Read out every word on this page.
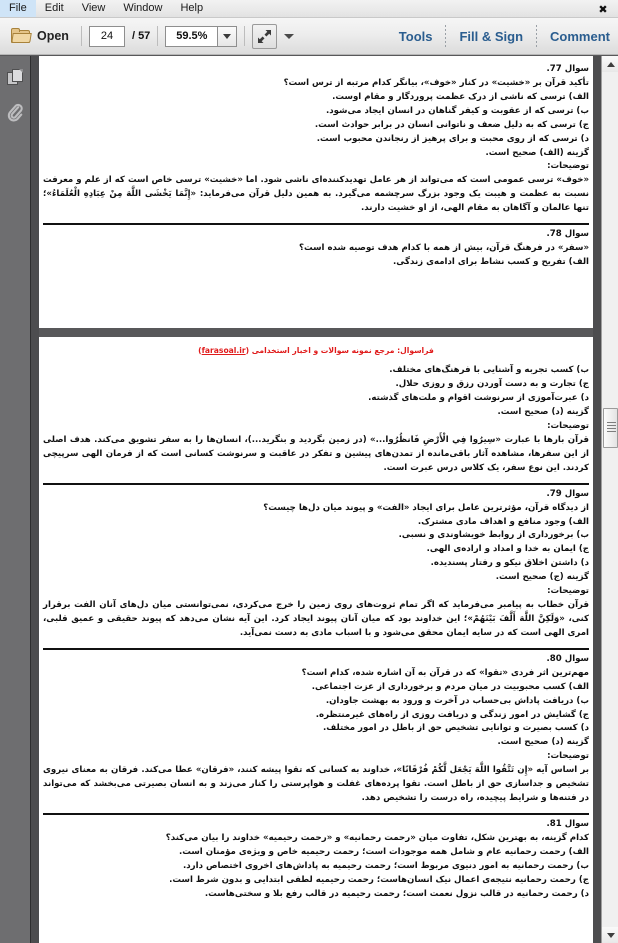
File	Edit	View	Window	Help	✖
Open	24	/ 57	59.5%	Tools	Fill & Sign	Comment
سوال 77.
تأکید قرآن بر «خشیت» در کنار «خوف»، بیانگر کدام مرتبه از ترس است؟
الف) ترسی که ناشی از درک عظمت پروردگار و مقام اوست.
ب) ترسی که از عقوبت و کیفر گناهان در انسان ایجاد می‌شود.
ج) ترسی که به دلیل ضعف و ناتوانی انسان در برابر حوادث است.
د) ترسی که از روی محبت و برای پرهیز از رنجاندن محبوب است.
گزینه (الف) صحیح است.
توضیحات:
«خوف» ترسی عمومی است که می‌تواند از هر عامل تهدیدکننده‌ای ناشی شود. اما «خشیت» ترسی خاص است که از علم و معرفت نسبت به عظمت و هیبت یک وجود بزرگ سرچشمه می‌گیرد. به همین دلیل قرآن می‌فرماید: «إِنَّمَا یَخْشَی اللَّهَ مِنْ عِبَادِهِ الْعُلَمَاءُ»؛ تنها عالمان و آگاهان به مقام الهی، از او خشیت دارند.
سوال 78.
«سفر» در فرهنگ قرآن، بیش از همه با کدام هدف توصیه شده است؟
الف) تفریح و کسب نشاط برای ادامه‌ی زندگی.
فراسوال: مرجع نمونه سوالات و اخبار استخدامی (farasoal.ir)
ب) کسب تجربه و آشنایی با فرهنگ‌های مختلف.
ج) تجارت و به دست آوردن رزق و روزی حلال.
د) عبرت‌آموزی از سرنوشت اقوام و ملت‌های گذشته.
گزینه (د) صحیح است.
توضیحات:
قرآن بارها با عبارت «سِیرُوا فِي الْأَرْضِ فَانظُرُوا...» (در زمین بگردید و بنگرید...)، انسان‌ها را به سفر تشویق می‌کند. هدف اصلی از این سفرها، مشاهده آثار باقی‌مانده از تمدن‌های پیشین و تفکر در عاقبت و سرنوشت کسانی است که از فرمان الهی سرپیچی کردند. این نوع سفر، یک کلاس درس عبرت است.
سوال 79.
از دیدگاه قرآن، مؤثرترین عامل برای ایجاد «الفت» و پیوند میان دل‌ها چیست؟
الف) وجود منافع و اهداف مادی مشترک.
ب) برخورداری از روابط خویشاوندی و نسبی.
ج) ایمان به خدا و امداد و اراده‌ی الهی.
د) داشتن اخلاق نیکو و رفتار پسندیده.
گزینه (ج) صحیح است.
توضیحات:
قرآن خطاب به پیامبر می‌فرماید که اگر تمام ثروت‌های روی زمین را خرج می‌کردی، نمی‌توانستی میان دل‌های آنان الفت برقرار کنی، «وَلَکِنَّ اللَّهَ أَلَّفَ بَیْنَهُمْ»؛ این خداوند بود که میان آنان پیوند ایجاد کرد. این آیه نشان می‌دهد که پیوند حقیقی و عمیق قلبی، امری الهی است که در سایه ایمان محقق می‌شود و با اسباب مادی به دست نمی‌آید.
سوال 80.
مهم‌ترین اثر فردی «تقوا» که در قرآن به آن اشاره شده، کدام است؟
الف) کسب محبوبیت در میان مردم و برخورداری از عزت اجتماعی.
ب) دریافت پاداش بی‌حساب در آخرت و ورود به بهشت جاودان.
ج) گشایش در امور زندگی و دریافت روزی از راه‌های غیرمنتظره.
د) کسب بصیرت و توانایی تشخیص حق از باطل در امور مختلف.
گزینه (د) صحیح است.
توضیحات:
بر اساس آیه «إِن تَتَّقُوا اللَّهَ یَجْعَل لَّکُمْ فُرْقَانًا»، خداوند به کسانی که تقوا پیشه کنند، «فرقان» عطا می‌کند. فرقان به معنای نیروی تشخیص و جداسازی حق از باطل است. تقوا پرده‌های غفلت و هواپرستی را کنار می‌زند و به انسان بصیرتی می‌بخشد که می‌تواند در فتنه‌ها و شرایط پیچیده، راه درست را تشخیص دهد.
سوال 81.
کدام گزینه، به بهترین شکل، تفاوت میان «رحمت رحمانیه» و «رحمت رحیمیه» خداوند را بیان می‌کند؟
الف) رحمت رحمانیه عام و شامل همه موجودات است؛ رحمت رحیمیه خاص و ویژه‌ی مؤمنان است.
ب) رحمت رحمانیه به امور دنیوی مربوط است؛ رحمت رحیمیه به پاداش‌های اخروی اختصاص دارد.
ج) رحمت رحمانیه نتیجه‌ی اعمال نیک انسان‌هاست؛ رحمت رحیمیه لطفی ابتدایی و بدون شرط است.
د) رحمت رحمانیه در قالب نزول نعمت است؛ رحمت رحیمیه در قالب رفع بلا و سختی‌هاست.
